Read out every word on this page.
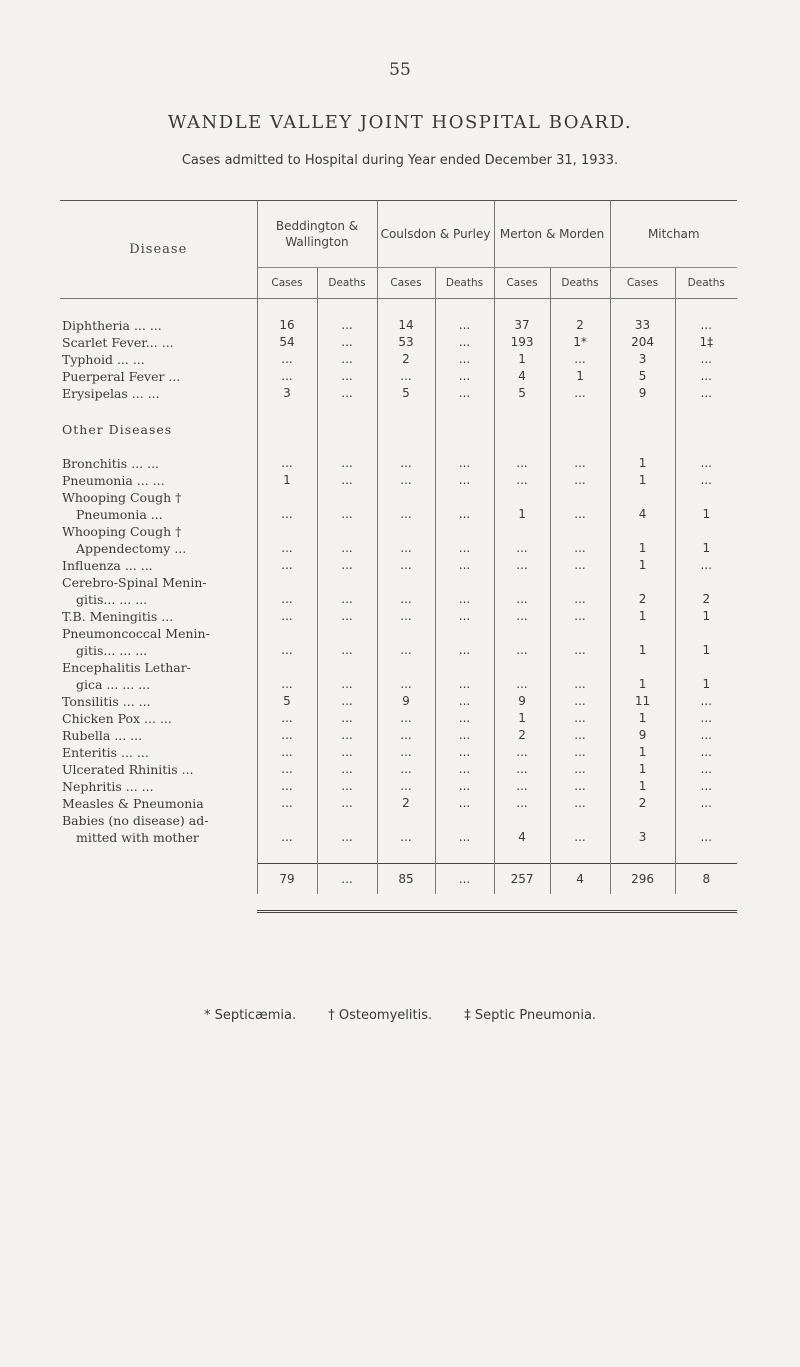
55
WANDLE VALLEY JOINT HOSPITAL BOARD.
Cases admitted to Hospital during Year ended December 31, 1933.
Disease	Beddington & Wallington		Coulsdon & Purley		Merton & Morden		Mitcham	
	Cases	Deaths	Cases	Deaths	Cases	Deaths	Cases	Deaths

Diphtheria ... ...	16	...	14	...	37	2	33	...

Scarlet Fever... ...	54	...	53	...	193	1*	204	1‡

Typhoid ... ...	...	...	2	...	1	...	3	...

Puerperal Fever ...	...	...	...	...	4	1	5	...

Erysipelas ... ...	3	...	5	...	5	...	9	...
Other Diseases								

Bronchitis ... ...	...	...	...	...	...	...	1	...

Pneumonia ... ...	1	...	...	...	...	...	1	...

Whooping Cough †
Pneumonia ...	...	...	...	...	1	...	4	1

Whooping Cough †
Appendectomy ...	...	...	...	...	...	...	1	1

Influenza ... ...	...	...	...	...	...	...	1	...

Cerebro-Spinal Menin-
gitis... ... ...	...	...	...	...	...	...	2	2

T.B. Meningitis ...	...	...	...	...	...	...	1	1

Pneumoncoccal Menin-
gitis... ... ...	...	...	...	...	...	...	1	1

Encephalitis Lethar-
gica ... ... ...	...	...	...	...	...	...	1	1

Tonsilitis ... ...	5	...	9	...	9	...	11	...

Chicken Pox ... ...	...	...	...	...	1	...	1	...

Rubella ... ...	...	...	...	...	2	...	9	...

Enteritis ... ...	...	...	...	...	...	...	1	...

Ulcerated Rhinitis ...	...	...	...	...	...	...	1	...

Nephritis ... ...	...	...	...	...	...	...	1	...

Measles & Pneumonia	...	...	2	...	...	...	2	...

Babies (no disease) ad-
mitted with mother	...	...	...	...	4	...	3	...

	79	...	85	...	257	4	296	8

* Septicæmia. † Osteomyelitis. ‡ Septic Pneumonia.
